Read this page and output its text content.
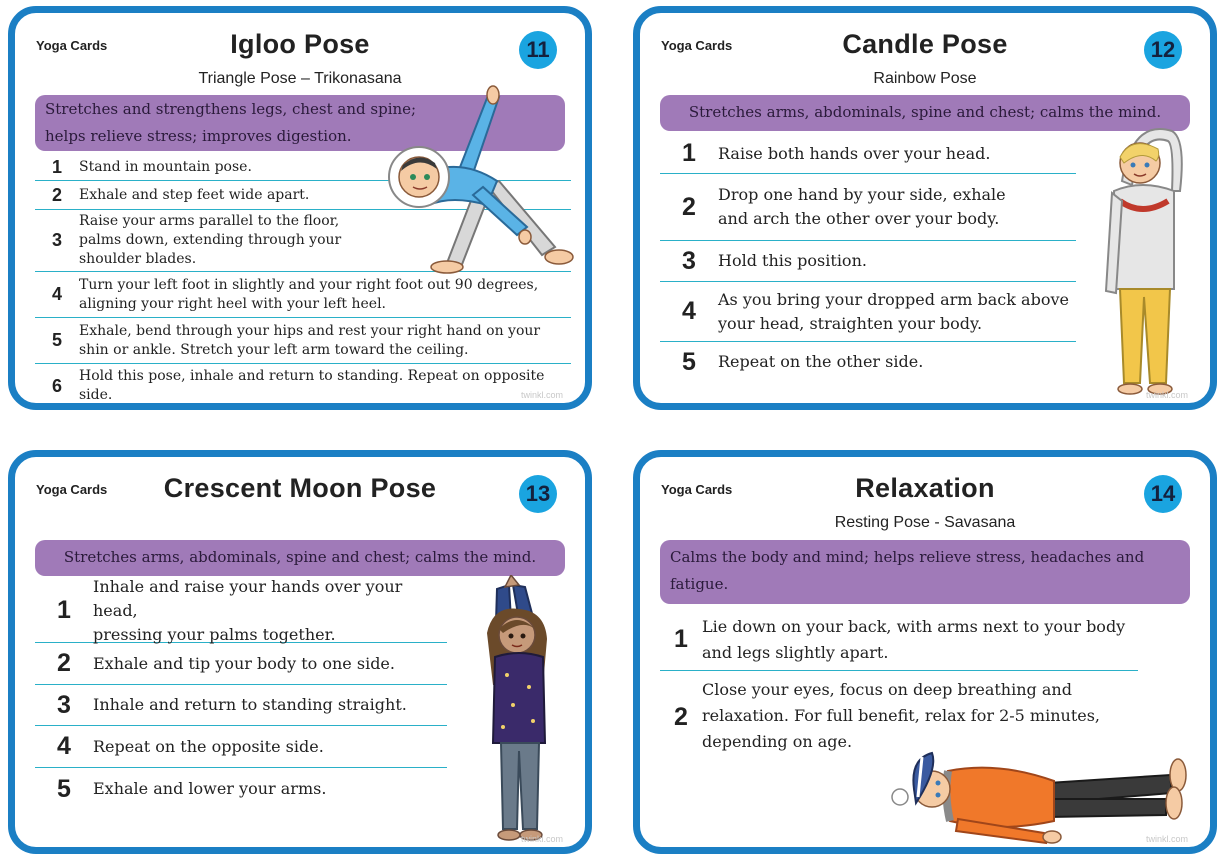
Yoga Cards	Igloo Pose
Triangle Pose – Trikonasana
11
Stretches and strengthens legs, chest and spine;
helps relieve stress; improves digestion.
1	Stand in mountain pose.
2	Exhale and step feet wide apart.
3
Raise your arms parallel to the floor,
palms down, extending through your
shoulder blades.
4	Turn your left foot in slightly and your right foot out 90 degrees,
aligning your right heel with your left heel.
5	Exhale, bend through your hips and rest your right hand on your
shin or ankle. Stretch your left arm toward the ceiling.
6	Hold this pose, inhale and return to standing. Repeat on opposite
side.	twinkl.com
Yoga Cards	Candle Pose
Rainbow Pose
12
Stretches arms, abdominals, spine and chest; calms the mind.
1	Raise both hands over your head.
2	Drop one hand by your side, exhale
and arch the other over your body.
3	Hold this position.
4	As you bring your dropped arm back above
your head, straighten your body.
5	Repeat on the other side.
twinkl.com
Yoga Cards	Crescent Moon Pose	13
Stretches arms, abdominals, spine and chest; calms the mind.
1
Inhale and raise your hands over your head,
pressing your palms together.
2	Exhale and tip your body to one side.
3	Inhale and return to standing straight.
4	Repeat on the opposite side.
5	Exhale and lower your arms.
twinkl.com
Yoga Cards	Relaxation
Resting Pose - Savasana
14
Calms the body and mind; helps relieve stress, headaches and
fatigue.
1 Lie down on your back, with arms next to your body
and legs slightly apart.
2
Close your eyes, focus on deep breathing and
relaxation. For full benefit, relax for 2-5 minutes,
depending on age.
twinkl.com
